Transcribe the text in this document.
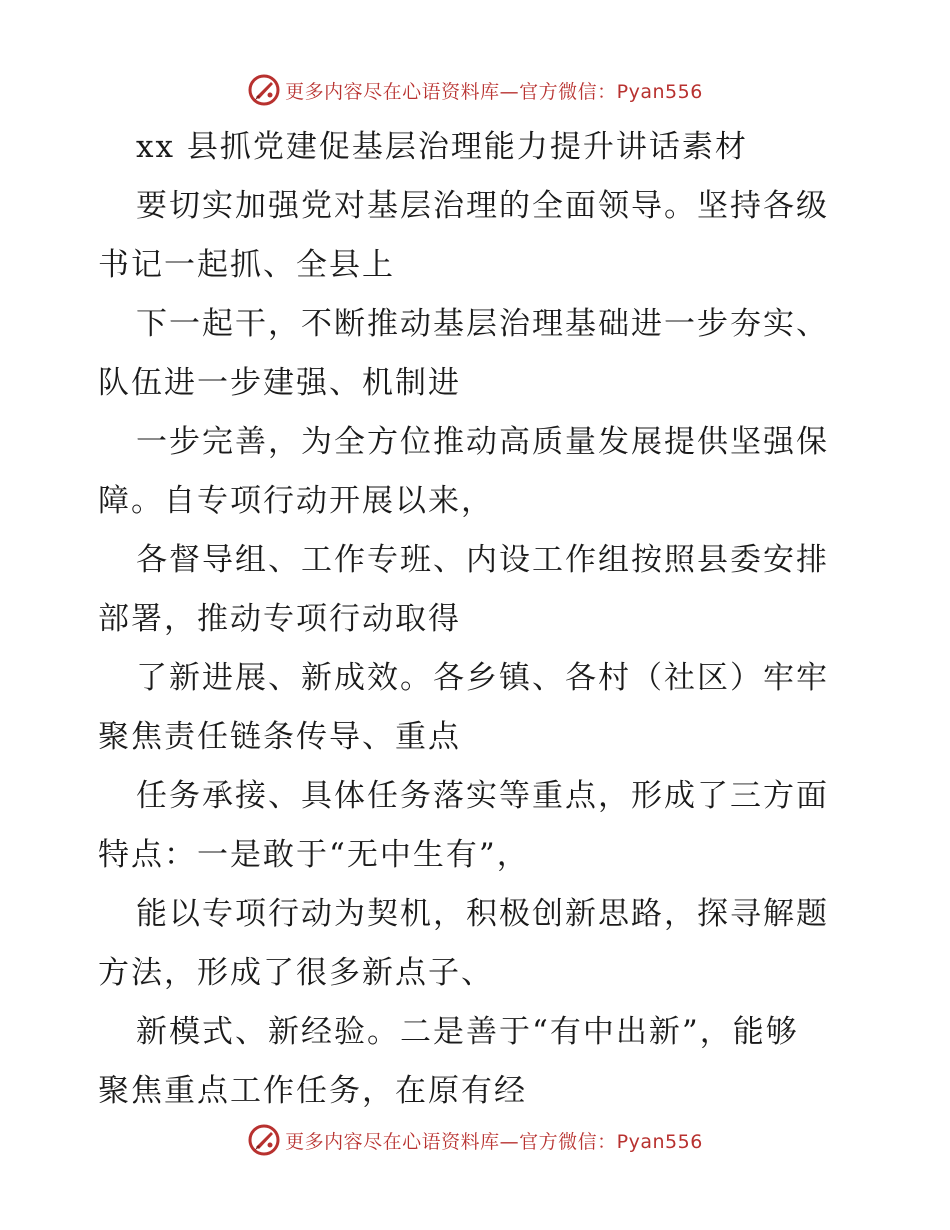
更多内容尽在心语资料库—官方微信：Pyan556
xx 县抓党建促基层治理能力提升讲话素材
要切实加强党对基层治理的全面领导。坚持各级
书记一起抓、全县上
下一起干，不断推动基层治理基础进一步夯实、
队伍进一步建强、机制进
一步完善，为全方位推动高质量发展提供坚强保
障。自专项行动开展以来，
各督导组、工作专班、内设工作组按照县委安排
部署，推动专项行动取得
了新进展、新成效。各乡镇、各村（社区）牢牢
聚焦责任链条传导、重点
任务承接、具体任务落实等重点，形成了三方面
特点：一是敢于“无中生有”，
能以专项行动为契机，积极创新思路，探寻解题
方法，形成了很多新点子、
新模式、新经验。二是善于“有中出新”，能够
聚焦重点工作任务，在原有经
更多内容尽在心语资料库—官方微信：Pyan556
